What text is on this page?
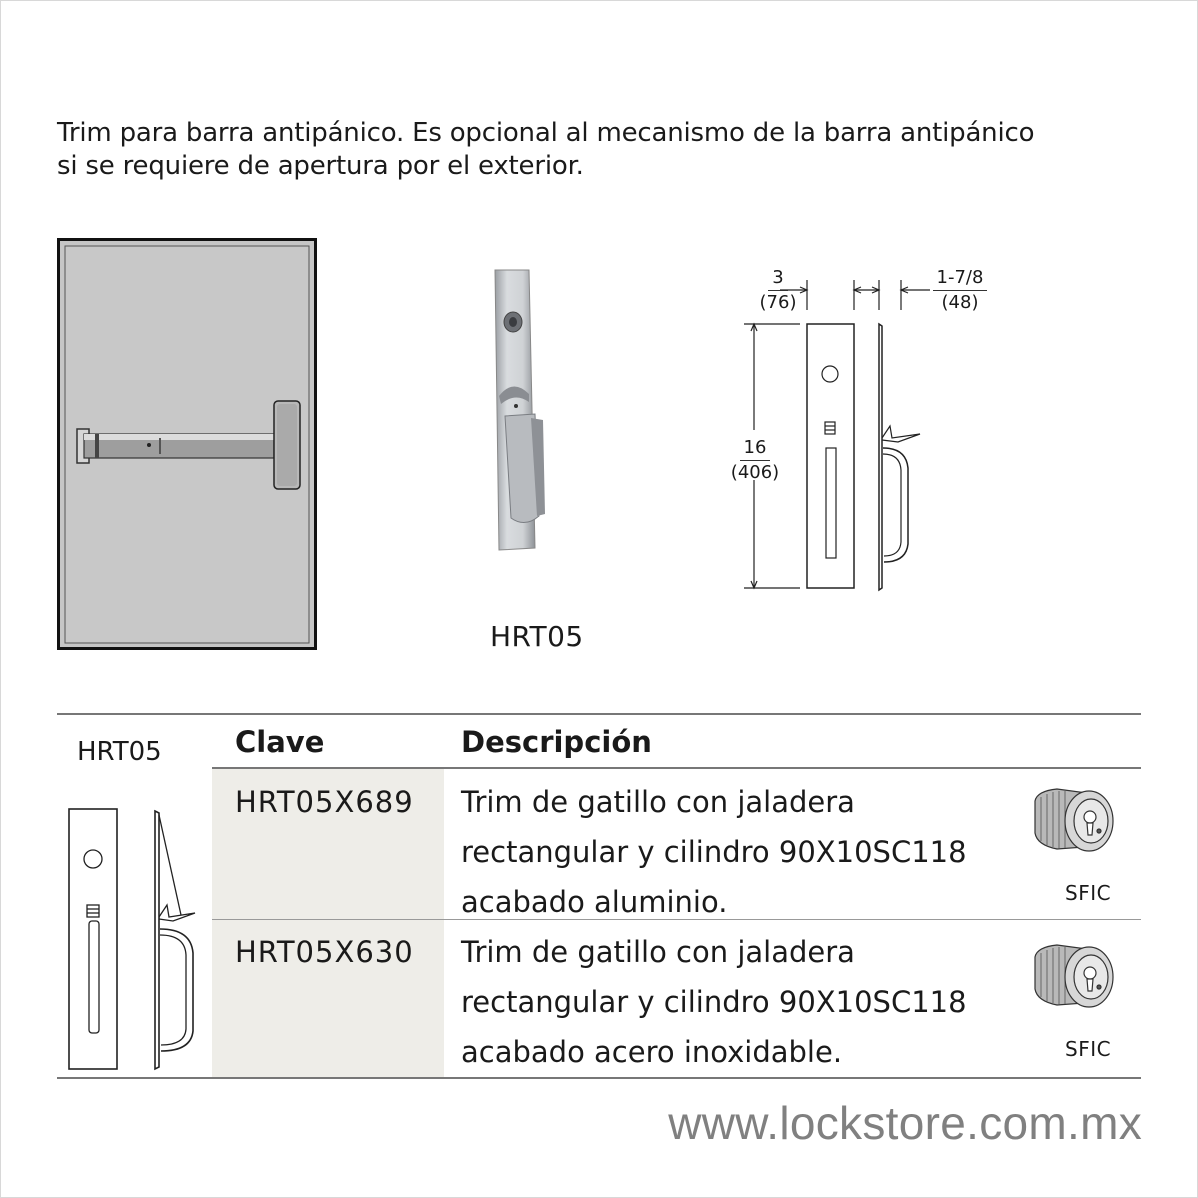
Trim para barra antipánico. Es opcional al mecanismo de la barra antipánico
si se requiere de apertura por el exterior.
HRT05
3
(76)
1-7/8
(48)
16
(406)
HRT05	Clave	Descripción
HRT05X689 Trim de gatillo con jaladera
rectangular y cilindro 90X10SC118
acabado aluminio.	SFIC
HRT05X630 Trim de gatillo con jaladera
rectangular y cilindro 90X10SC118
acabado acero inoxidable.	SFIC
www.lockstore.com.mx
